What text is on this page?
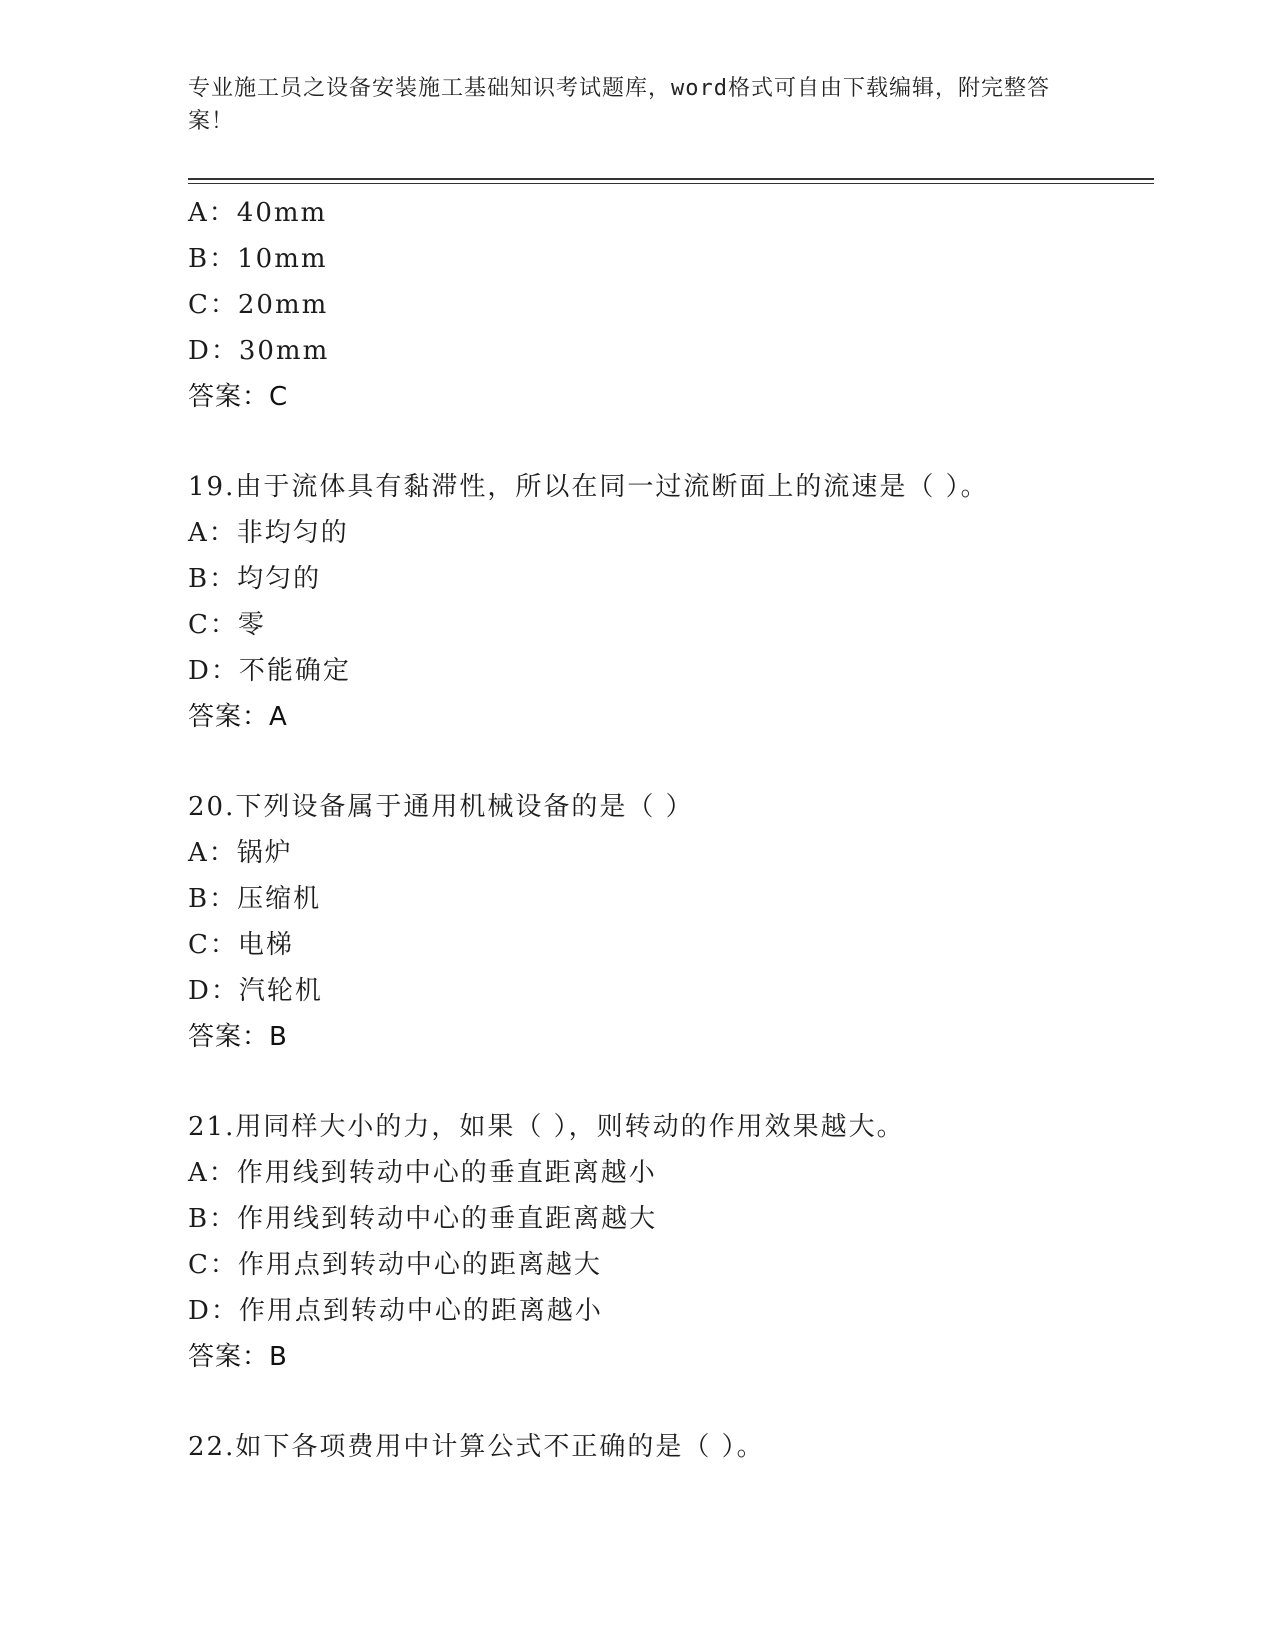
专业施工员之设备安装施工基础知识考试题库，word格式可自由下载编辑，附完整答案！
A：40mm
B：10mm
C：20mm
D：30mm
答案：C
19.由于流体具有黏滞性，所以在同一过流断面上的流速是（ ）。
A：非均匀的
B：均匀的
C：零
D：不能确定
答案：A
20.下列设备属于通用机械设备的是（ ）
A：锅炉
B：压缩机
C：电梯
D：汽轮机
答案：B
21.用同样大小的力，如果（ ），则转动的作用效果越大。
A：作用线到转动中心的垂直距离越小
B：作用线到转动中心的垂直距离越大
C：作用点到转动中心的距离越大
D：作用点到转动中心的距离越小
答案：B
22.如下各项费用中计算公式不正确的是（ ）。
